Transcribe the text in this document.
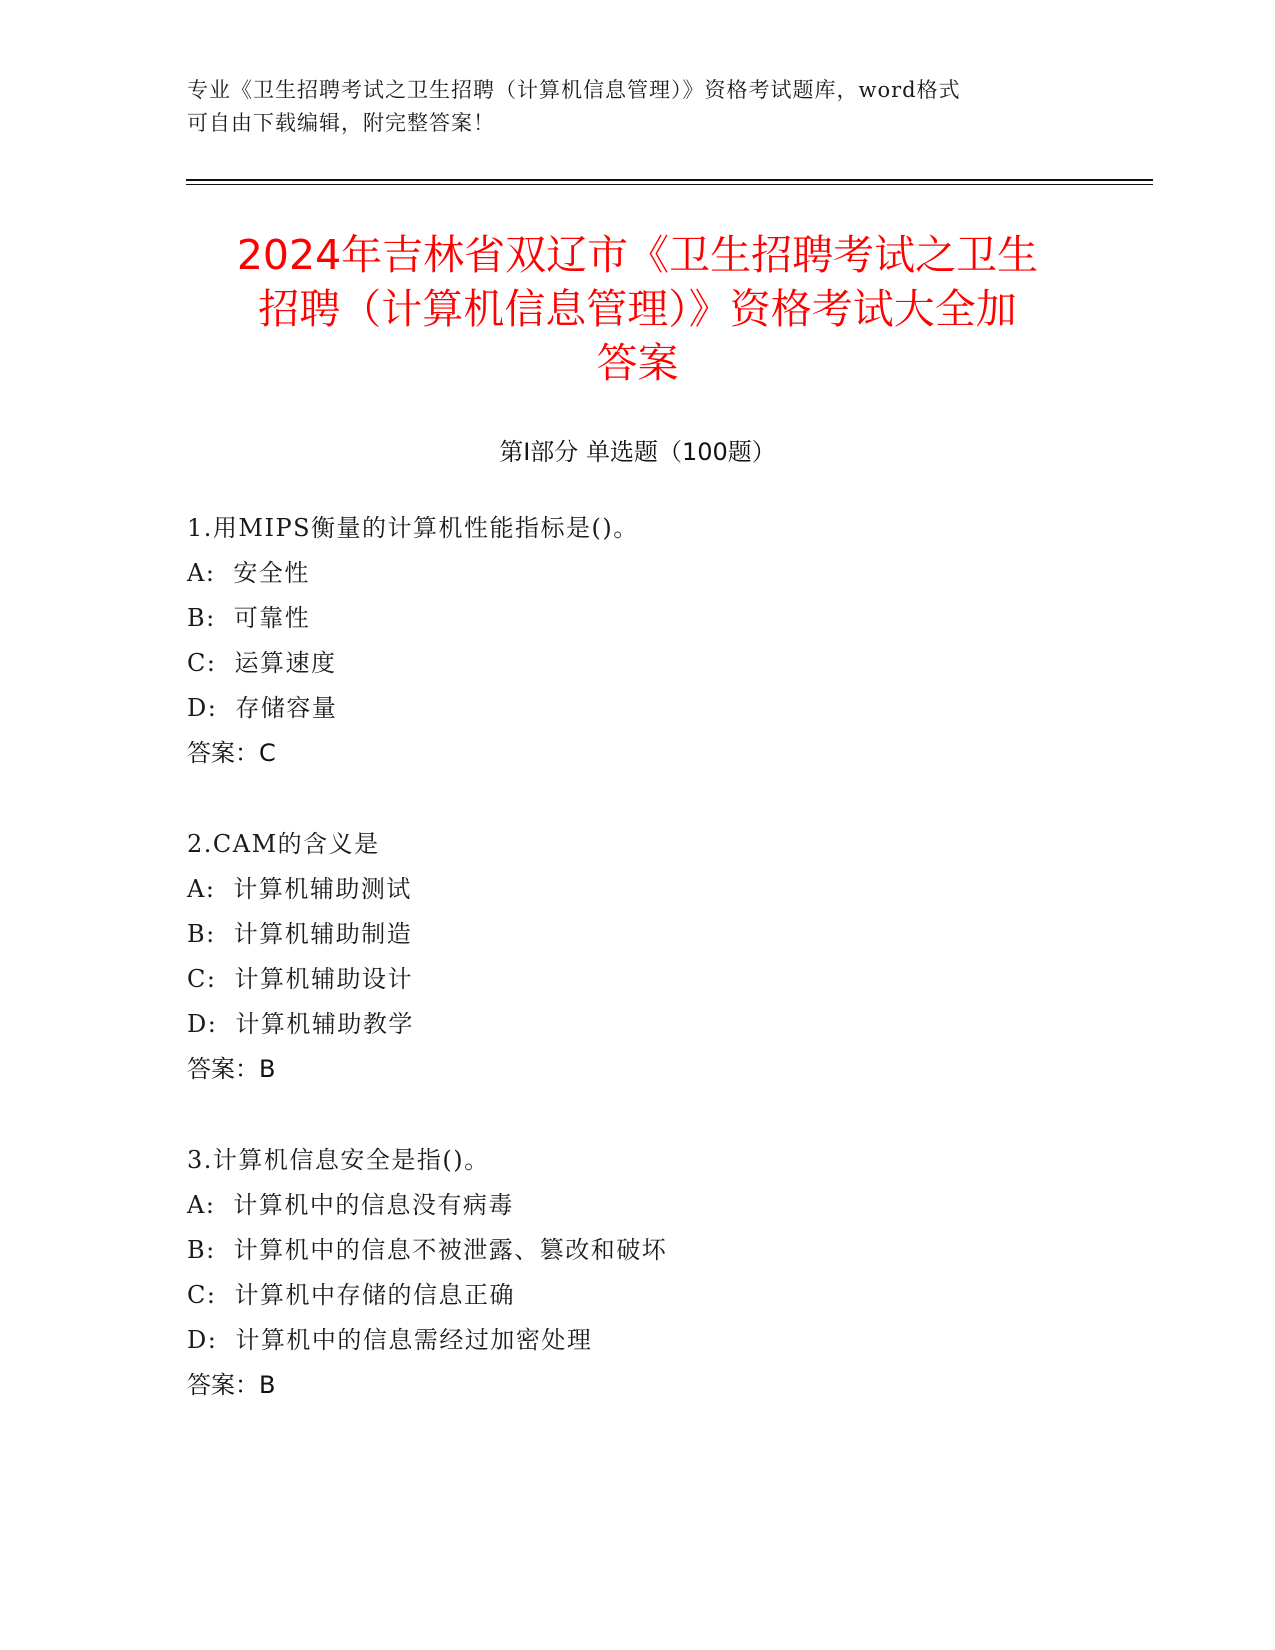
专业《卫生招聘考试之卫生招聘（计算机信息管理）》资格考试题库，word格式
可自由下载编辑，附完整答案！
2024年吉林省双辽市《卫生招聘考试之卫生
招聘（计算机信息管理）》资格考试大全加
答案
第Ⅰ部分 单选题（100题）
1.用MIPS衡量的计算机性能指标是()。
A: 安全性
B: 可靠性
C: 运算速度
D: 存储容量
答案：C
2.CAM的含义是
A: 计算机辅助测试
B: 计算机辅助制造
C: 计算机辅助设计
D: 计算机辅助教学
答案：B
3.计算机信息安全是指()。
A: 计算机中的信息没有病毒
B: 计算机中的信息不被泄露、篡改和破坏
C: 计算机中存储的信息正确
D: 计算机中的信息需经过加密处理
答案：B
